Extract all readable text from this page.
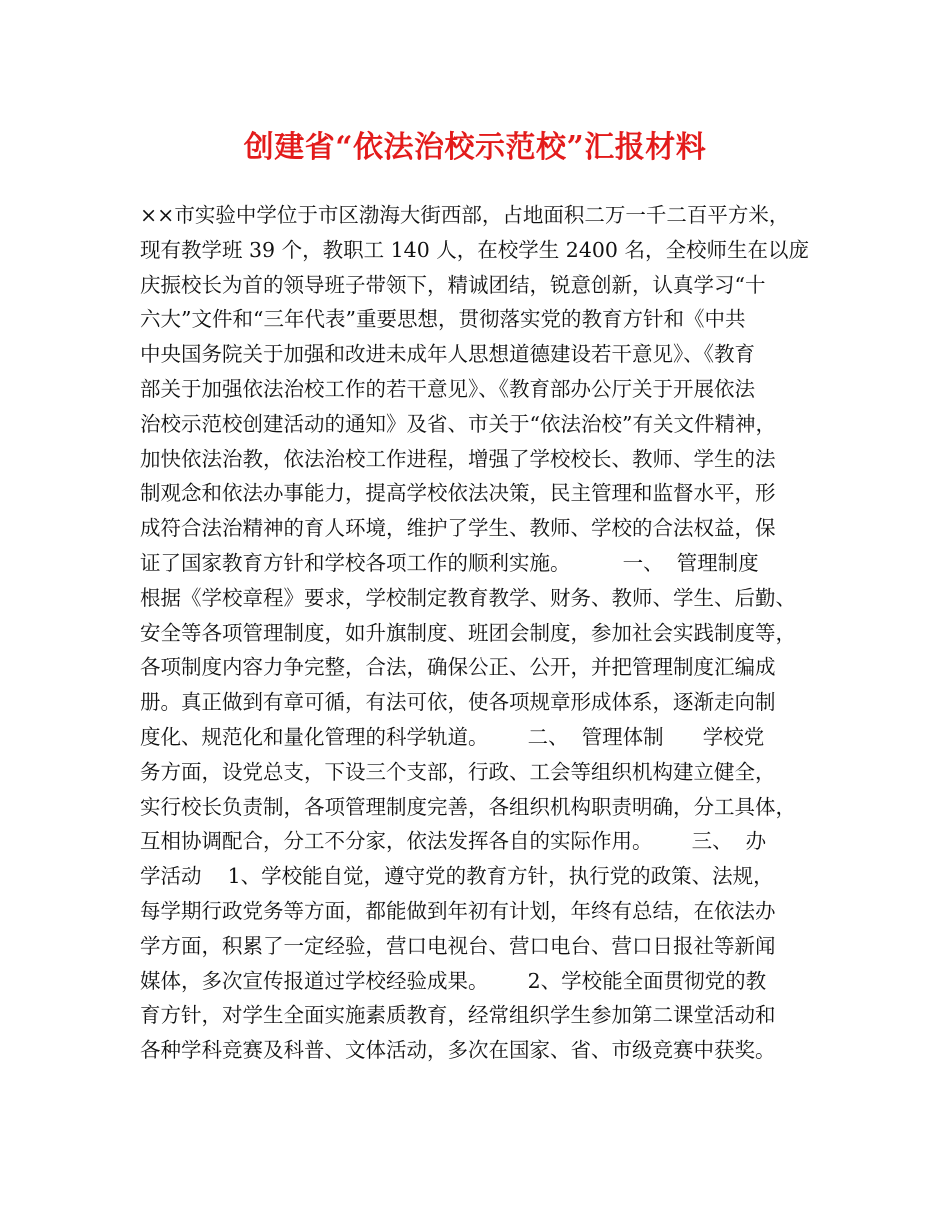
创建省“依法治校示范校”汇报材料
××市实验中学位于市区渤海大街西部，占地面积二万一千二百平方米，
现有教学班 39 个，教职工 140 人，在校学生 2400 名，全校师生在以庞
庆振校长为首的领导班子带领下，精诚团结，锐意创新，认真学习“十
六大”文件和“三年代表”重要思想，贯彻落实党的教育方针和《中共
中央国务院关于加强和改进未成年人思想道德建设若干意见》、《教育
部关于加强依法治校工作的若干意见》、《教育部办公厅关于开展依法
治校示范校创建活动的通知》及省、市关于“依法治校”有关文件精神，
加快依法治教，依法治校工作进程，增强了学校校长、教师、学生的法
制观念和依法办事能力，提高学校依法决策，民主管理和监督水平，形
成符合法治精神的育人环境，维护了学生、教师、学校的合法权益，保
证了国家教育方针和学校各项工作的顺利实施。        一、  管理制度
根据《学校章程》要求，学校制定教育教学、财务、教师、学生、后勤、
安全等各项管理制度，如升旗制度、班团会制度，参加社会实践制度等，
各项制度内容力争完整，合法，确保公正、公开，并把管理制度汇编成
册。真正做到有章可循，有法可依，使各项规章形成体系，逐渐走向制
度化、规范化和量化管理的科学轨道。      二、  管理体制      学校党
务方面，设党总支，下设三个支部，行政、工会等组织机构建立健全，
实行校长负责制，各项管理制度完善，各组织机构职责明确，分工具体，
互相协调配合，分工不分家，依法发挥各自的实际作用。      三、  办
学活动    1、学校能自觉，遵守党的教育方针，执行党的政策、法规，
每学期行政党务等方面，都能做到年初有计划，年终有总结，在依法办
学方面，积累了一定经验，营口电视台、营口电台、营口日报社等新闻
媒体，多次宣传报道过学校经验成果。      2、学校能全面贯彻党的教
育方针，对学生全面实施素质教育，经常组织学生参加第二课堂活动和
各种学科竞赛及科普、文体活动，多次在国家、省、市级竞赛中获奖。
